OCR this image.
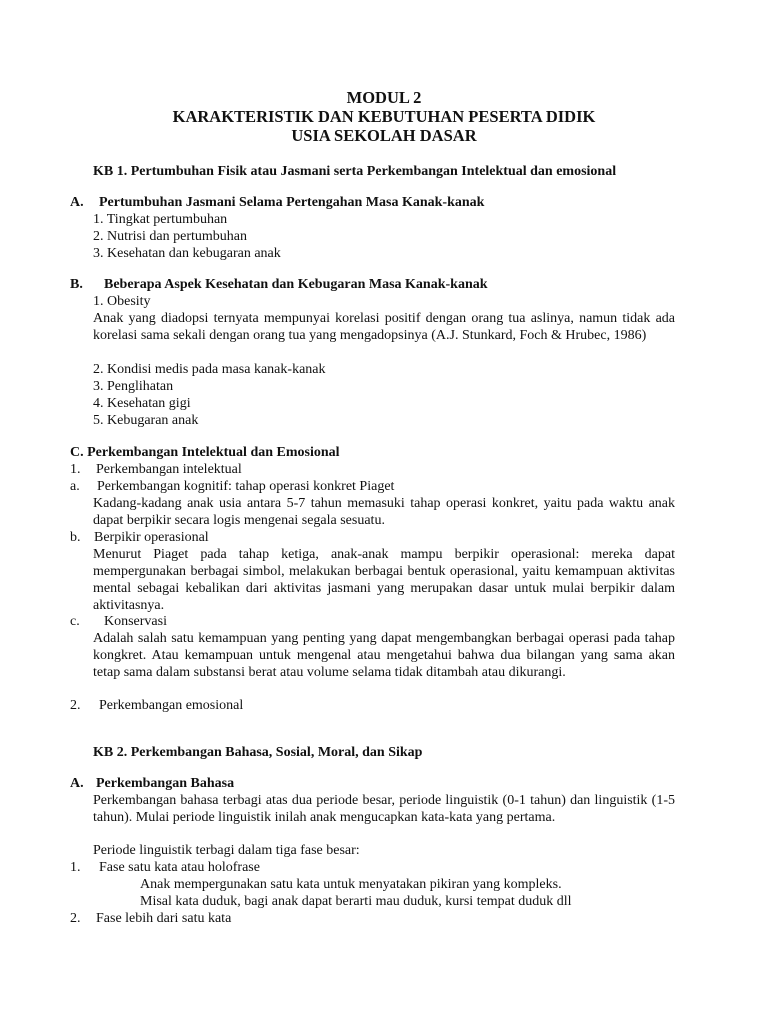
MODUL 2
KARAKTERISTIK DAN KEBUTUHAN PESERTA DIDIK
USIA SEKOLAH DASAR
KB 1. Pertumbuhan Fisik atau Jasmani serta Perkembangan Intelektual dan emosional
A. Pertumbuhan Jasmani Selama Pertengahan Masa Kanak-kanak
1. Tingkat pertumbuhan
2. Nutrisi dan pertumbuhan
3. Kesehatan dan kebugaran anak
B. Beberapa Aspek Kesehatan dan Kebugaran Masa Kanak-kanak
1. Obesity

Anak yang diadopsi ternyata mempunyai korelasi positif dengan orang tua aslinya, namun tidak ada korelasi sama sekali dengan orang tua yang mengadopsinya (A.J. Stunkard, Foch & Hrubec, 1986)

2. Kondisi medis pada masa kanak-kanak
3. Penglihatan
4. Kesehatan gigi
5. Kebugaran anak
C. Perkembangan Intelektual dan Emosional
1. Perkembangan intelektual
a. Perkembangan kognitif: tahap operasi konkret Piaget

Kadang-kadang anak usia antara 5-7 tahun memasuki tahap operasi konkret, yaitu pada waktu anak dapat berpikir secara logis mengenai segala sesuatu.

b. Berpikir operasional

Menurut Piaget pada tahap ketiga, anak-anak mampu berpikir operasional: mereka dapat mempergunakan berbagai simbol, melakukan berbagai bentuk operasional, yaitu kemampuan aktivitas mental sebagai kebalikan dari aktivitas jasmani yang merupakan dasar untuk mulai berpikir dalam aktivitasnya.

c. Konservasi

Adalah salah satu kemampuan yang penting yang dapat mengembangkan berbagai operasi pada tahap kongkret. Atau kemampuan untuk mengenal atau mengetahui bahwa dua bilangan yang sama akan tetap sama dalam substansi berat atau volume selama tidak ditambah atau dikurangi.

2. Perkembangan emosional
KB 2. Perkembangan Bahasa, Sosial, Moral, dan Sikap
A. Perkembangan Bahasa

Perkembangan bahasa terbagi atas dua periode besar, periode linguistik (0-1 tahun) dan linguistik (1-5 tahun). Mulai periode linguistik inilah anak mengucapkan kata-kata yang pertama.

Periode linguistik terbagi dalam tiga fase besar:
1. Fase satu kata atau holofrase
Anak mempergunakan satu kata untuk menyatakan pikiran yang kompleks.
Misal kata duduk, bagi anak dapat berarti mau duduk, kursi tempat duduk dll
2. Fase lebih dari satu kata
